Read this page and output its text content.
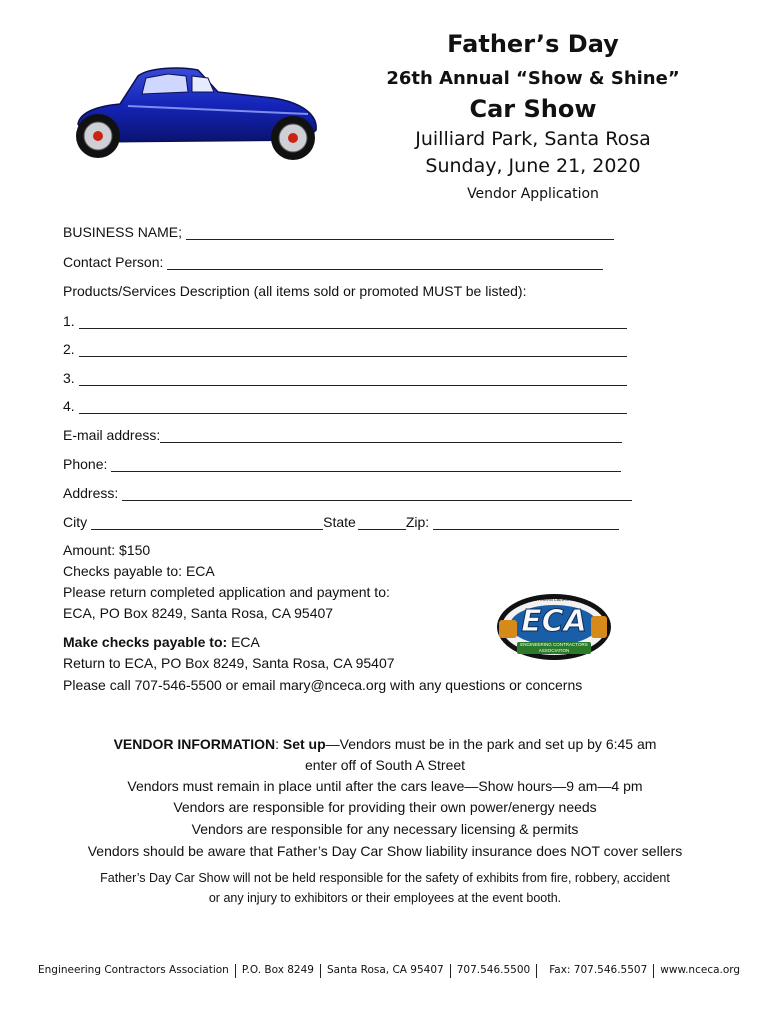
Father’s Day
26th Annual “Show & Shine”
Car Show
Juilliard Park, Santa Rosa
Sunday, June 21, 2020
Vendor Application
BUSINESS NAME;
Contact Person:
Products/Services Description (all items sold or promoted MUST be listed):
1.
2.
3.
4.
E-mail address:
Phone:
Address:
City	State	Zip:
Amount: $150
Checks payable to: ECA
Please return completed application and payment to:
ECA, PO Box 8249, Santa Rosa, CA 95407
Make checks payable to: ECA
Return to ECA, PO Box 8249, Santa Rosa, CA 95407
Please call 707-546-5500 or email mary@nceca.org with any questions or concerns
NORTHERN CALIFORNIA
ECA
ENGINEERING CONTRACTORS ASSOCIATION
VENDOR INFORMATION: Set up—Vendors must be in the park and set up by 6:45 am
enter off of South A Street
Vendors must remain in place until after the cars leave—Show hours—9 am—4 pm
Vendors are responsible for providing their own power/energy needs
Vendors are responsible for any necessary licensing & permits
Vendors should be aware that Father’s Day Car Show liability insurance does NOT cover sellers
Father’s Day Car Show will not be held responsible for the safety of exhibits from fire, robbery, accident
or any injury to exhibitors or their employees at the event booth.
Engineering Contractors Association P.O. Box 8249 Santa Rosa, CA 95407 707.546.5500 Fax: 707.546.5507 www.nceca.org
